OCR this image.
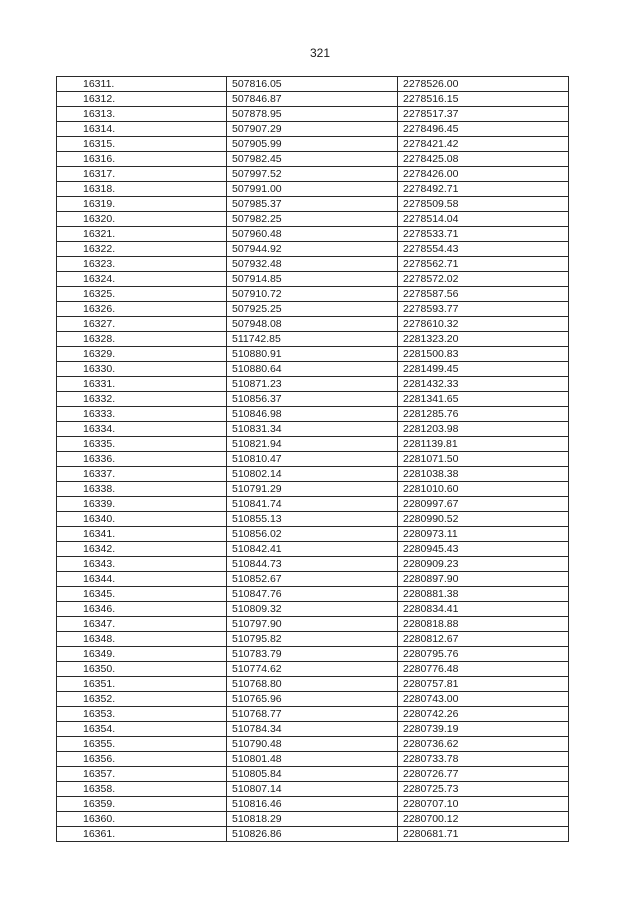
321
16311.	507816.05	2278526.00
16312.	507846.87	2278516.15
16313.	507878.95	2278517.37
16314.	507907.29	2278496.45
16315.	507905.99	2278421.42
16316.	507982.45	2278425.08
16317.	507997.52	2278426.00
16318.	507991.00	2278492.71
16319.	507985.37	2278509.58
16320.	507982.25	2278514.04
16321.	507960.48	2278533.71
16322.	507944.92	2278554.43
16323.	507932.48	2278562.71
16324.	507914.85	2278572.02
16325.	507910.72	2278587.56
16326.	507925.25	2278593.77
16327.	507948.08	2278610.32
16328.	511742.85	2281323.20
16329.	510880.91	2281500.83
16330.	510880.64	2281499.45
16331.	510871.23	2281432.33
16332.	510856.37	2281341.65
16333.	510846.98	2281285.76
16334.	510831.34	2281203.98
16335.	510821.94	2281139.81
16336.	510810.47	2281071.50
16337.	510802.14	2281038.38
16338.	510791.29	2281010.60
16339.	510841.74	2280997.67
16340.	510855.13	2280990.52
16341.	510856.02	2280973.11
16342.	510842.41	2280945.43
16343.	510844.73	2280909.23
16344.	510852.67	2280897.90
16345.	510847.76	2280881.38
16346.	510809.32	2280834.41
16347.	510797.90	2280818.88
16348.	510795.82	2280812.67
16349.	510783.79	2280795.76
16350.	510774.62	2280776.48
16351.	510768.80	2280757.81
16352.	510765.96	2280743.00
16353.	510768.77	2280742.26
16354.	510784.34	2280739.19
16355.	510790.48	2280736.62
16356.	510801.48	2280733.78
16357.	510805.84	2280726.77
16358.	510807.14	2280725.73
16359.	510816.46	2280707.10
16360.	510818.29	2280700.12
16361.	510826.86	2280681.71
